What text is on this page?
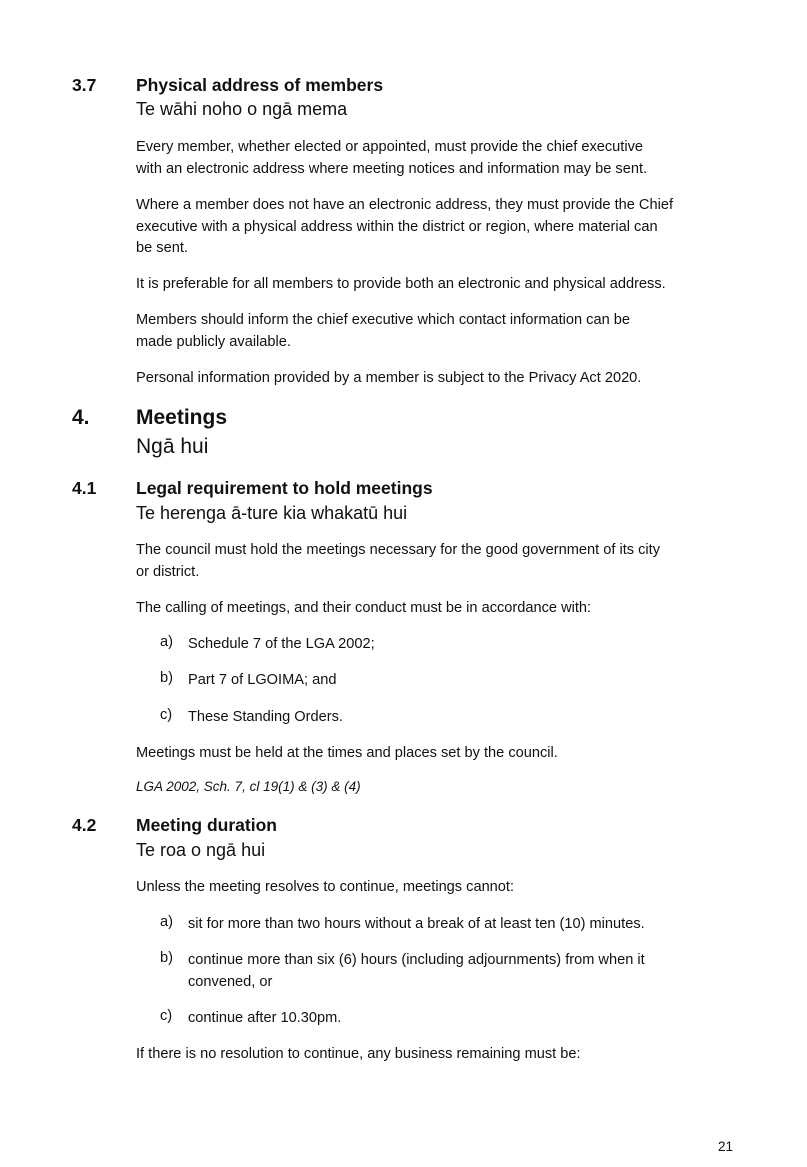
3.7 Physical address of members
Te wāhi noho o ngā mema
Every member, whether elected or appointed, must provide the chief executive
with an electronic address where meeting notices and information may be sent.
Where a member does not have an electronic address, they must provide the Chief
executive with a physical address within the district or region, where material can
be sent.
It is preferable for all members to provide both an electronic and physical address.
Members should inform the chief executive which contact information can be
made publicly available.
Personal information provided by a member is subject to the Privacy Act 2020.
4. Meetings
Ngā hui
4.1 Legal requirement to hold meetings
Te herenga ā-ture kia whakatū hui
The council must hold the meetings necessary for the good government of its city
or district.
The calling of meetings, and their conduct must be in accordance with:
a) Schedule 7 of the LGA 2002;
b) Part 7 of LGOIMA; and
c) These Standing Orders.
Meetings must be held at the times and places set by the council.
LGA 2002, Sch. 7, cl 19(1) & (3) & (4)
4.2 Meeting duration
Te roa o ngā hui
Unless the meeting resolves to continue, meetings cannot:
a) sit for more than two hours without a break of at least ten (10) minutes.
b) continue more than six (6) hours (including adjournments) from when it
convened, or
c) continue after 10.30pm.
If there is no resolution to continue, any business remaining must be:
21
